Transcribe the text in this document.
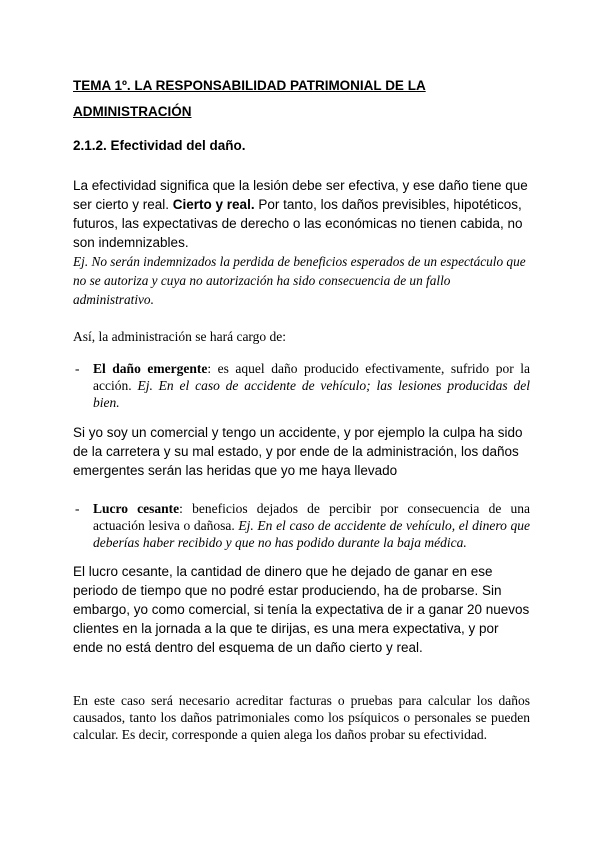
TEMA 1º. LA RESPONSABILIDAD PATRIMONIAL DE LA ADMINISTRACIÓN
2.1.2. Efectividad del daño.
La efectividad significa que la lesión debe ser efectiva, y ese daño tiene que ser cierto y real. Cierto y real. Por tanto, los daños previsibles, hipotéticos, futuros, las expectativas de derecho o las económicas no tienen cabida, no son indemnizables.
Ej. No serán indemnizados la perdida de beneficios esperados de un espectáculo que no se autoriza y cuya no autorización ha sido consecuencia de un fallo administrativo.

Así, la administración se hará cargo de:

- El daño emergente: es aquel daño producido efectivamente, sufrido por la acción. Ej. En el caso de accidente de vehículo; las lesiones producidas del bien.

Si yo soy un comercial y tengo un accidente, y por ejemplo la culpa ha sido de la carretera y su mal estado, y por ende de la administración, los daños emergentes serán las heridas que yo me haya llevado

- Lucro cesante: beneficios dejados de percibir por consecuencia de una actuación lesiva o dañosa. Ej. En el caso de accidente de vehículo, el dinero que deberías haber recibido y que no has podido durante la baja médica.

El lucro cesante, la cantidad de dinero que he dejado de ganar en ese periodo de tiempo que no podré estar produciendo, ha de probarse. Sin embargo, yo como comercial, si tenía la expectativa de ir a ganar 20 nuevos clientes en la jornada a la que te dirijas, es una mera expectativa, y por ende no está dentro del esquema de un daño cierto y real.

En este caso será necesario acreditar facturas o pruebas para calcular los daños causados, tanto los daños patrimoniales como los psíquicos o personales se pueden calcular. Es decir, corresponde a quien alega los daños probar su efectividad.
